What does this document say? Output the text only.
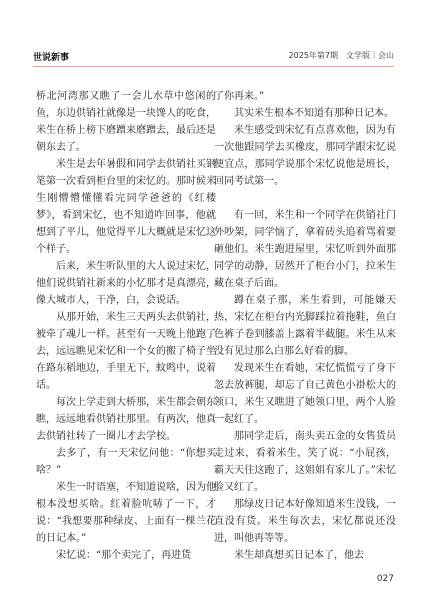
世说新事	2025年第7期　文学版｜会山

桥北河湾那又瞧了一会儿水草中悠闲的鱼，东边供销社就像是一块馋人的吃食，米生在桥上榜下磨蹭来磨蹭去，最后还是朝东去了。

米生是去年暑假和同学去供销社买钢笔第一次看到柜台里的宋忆的。那时候米生刚懵懵懂懂看完同学爸爸的《红楼梦》，看到宋忆，也不知道咋回事，他就想到了平儿，他觉得平儿大概就是宋忆这个样子。

后来，米生听队里的大人说过宋忆，他们说供销社新来的小忆那才是真漂亮，像大城市人，干净，白，会说话。

从那开始，米生三天两头去供销社，被牵了魂儿一样。甚至有一天晚上他跑了去，远远瞧见宋忆和一个女的搬了椅子坐在路东稻地边，手里无下，蚊鸣中，说着话。

每次上学走到大桥那，米生都会朝东瞧，远远地看供销社那里。有两次，他真去供销社转了一圈儿才去学校。

去多了，有一天宋忆问他：“你想买啥？”

米生一时语塞，不知道说啥，因为他根本没想买啥。红着脸吭哧了一下，才说：“我想要那种绿皮、上面有一棵兰花的日记本。”

宋忆说：“那个卖完了，再进货

了你再来。”

其实米生根本不知道有那种日记本。

米生感受到宋忆有点喜欢他，因为有一次他跟同学去买橡皮，那同学跟宋忆说便宜点，那同学说那个宋忆说他是班长，回同考试第一。

有一回，米生和一个同学在供销社门外吵架，同学恼了，拿着砖头追着骂着要砸他们。米生跑进屋里，宋忆听到外面那同学的动静，居然开了柜台小门，拉米生藏在桌子后面。

蹲在桌子那，米生看到，可能嫌天热，宋忆在柜台内光脚踩拉着拖鞋，鱼白色裤子卷到膝盖上露着半截腿。米生从来没有见过那么白那么好看的脚。

发现米生在看她，宋忆慌慌亏了身下忽去放裤腿，却忘了自己黄色小褂松大的领口，米生又瞧进了她领口里，两个人脸一起红了。

那同学走后，南头卖五金的女售货员走过来，看着米生，笑了说：“小屁孩，霸天天往这跑了，这姐姐有家儿了。”宋忆脸又红了。

那绿皮日记本好像知道米生没钱，一直没有货。米生每次去，宋忆都说还没进，叫他再等等。

米生却真想买日记本了，他去

027
